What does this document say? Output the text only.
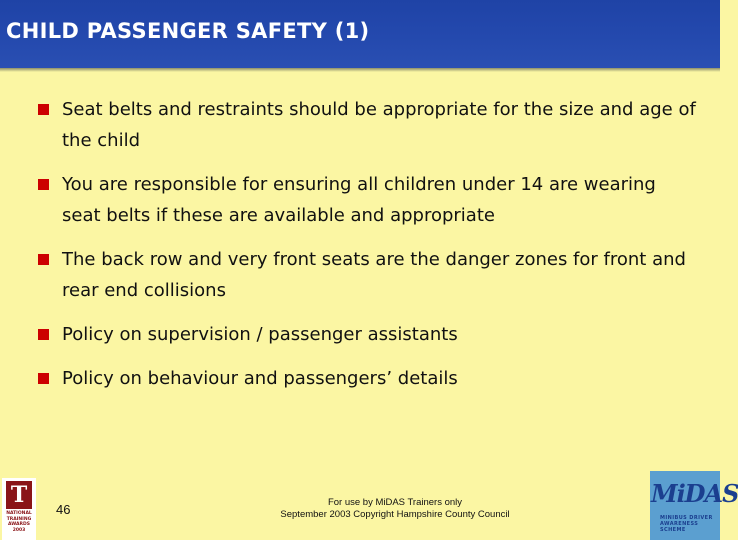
CHILD PASSENGER SAFETY (1)
Seat belts and restraints should be appropriate for the size and age of the child
You are responsible for ensuring all children under 14 are wearing seat belts if these are available and appropriate
The back row and very front seats are the danger zones for front and rear end collisions
Policy on supervision / passenger assistants
Policy on behaviour and passengers’ details
T
NATIONAL
TRAINING
AWARDS
2003
46	For use by MiDAS Trainers only
September 2003 Copyright Hampshire County Council
MiDAS
MINIBUS DRIVER
AWARENESS SCHEME
